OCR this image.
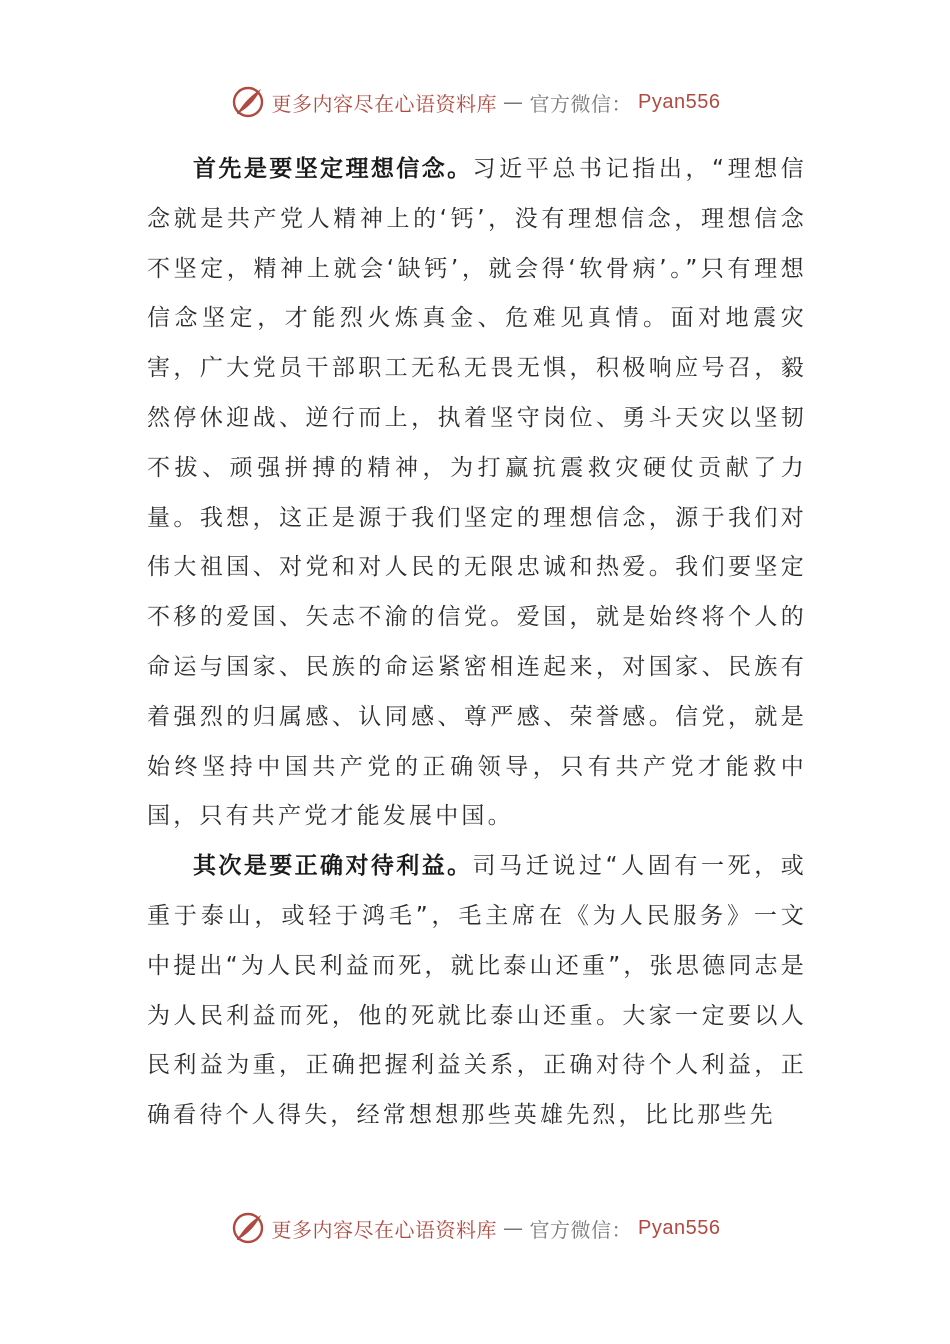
更多内容尽在心语资料库 — 官方微信： Pyan556

首先是要坚定理想信念。习近平总书记指出，“理想信念就是共产党人精神上的‘钙’，没有理想信念，理想信念不坚定，精神上就会‘缺钙’，就会得‘软骨病’。”只有理想信念坚定，才能烈火炼真金、危难见真情。面对地震灾害，广大党员干部职工无私无畏无惧，积极响应号召，毅然停休迎战、逆行而上，执着坚守岗位、勇斗天灾以坚韧不拔、顽强拼搏的精神，为打赢抗震救灾硬仗贡献了力量。我想，这正是源于我们坚定的理想信念，源于我们对伟大祖国、对党和对人民的无限忠诚和热爱。我们要坚定不移的爱国、矢志不渝的信党。爱国，就是始终将个人的命运与国家、民族的命运紧密相连起来，对国家、民族有着强烈的归属感、认同感、尊严感、荣誉感。信党，就是始终坚持中国共产党的正确领导，只有共产党才能救中国，只有共产党才能发展中国。

其次是要正确对待利益。司马迁说过“人固有一死，或重于泰山，或轻于鸿毛”，毛主席在《为人民服务》一文中提出“为人民利益而死，就比泰山还重”，张思德同志是为人民利益而死，他的死就比泰山还重。大家一定要以人民利益为重，正确把握利益关系，正确对待个人利益，正确看待个人得失，经常想想那些英雄先烈，比比那些先

更多内容尽在心语资料库 — 官方微信： Pyan556
